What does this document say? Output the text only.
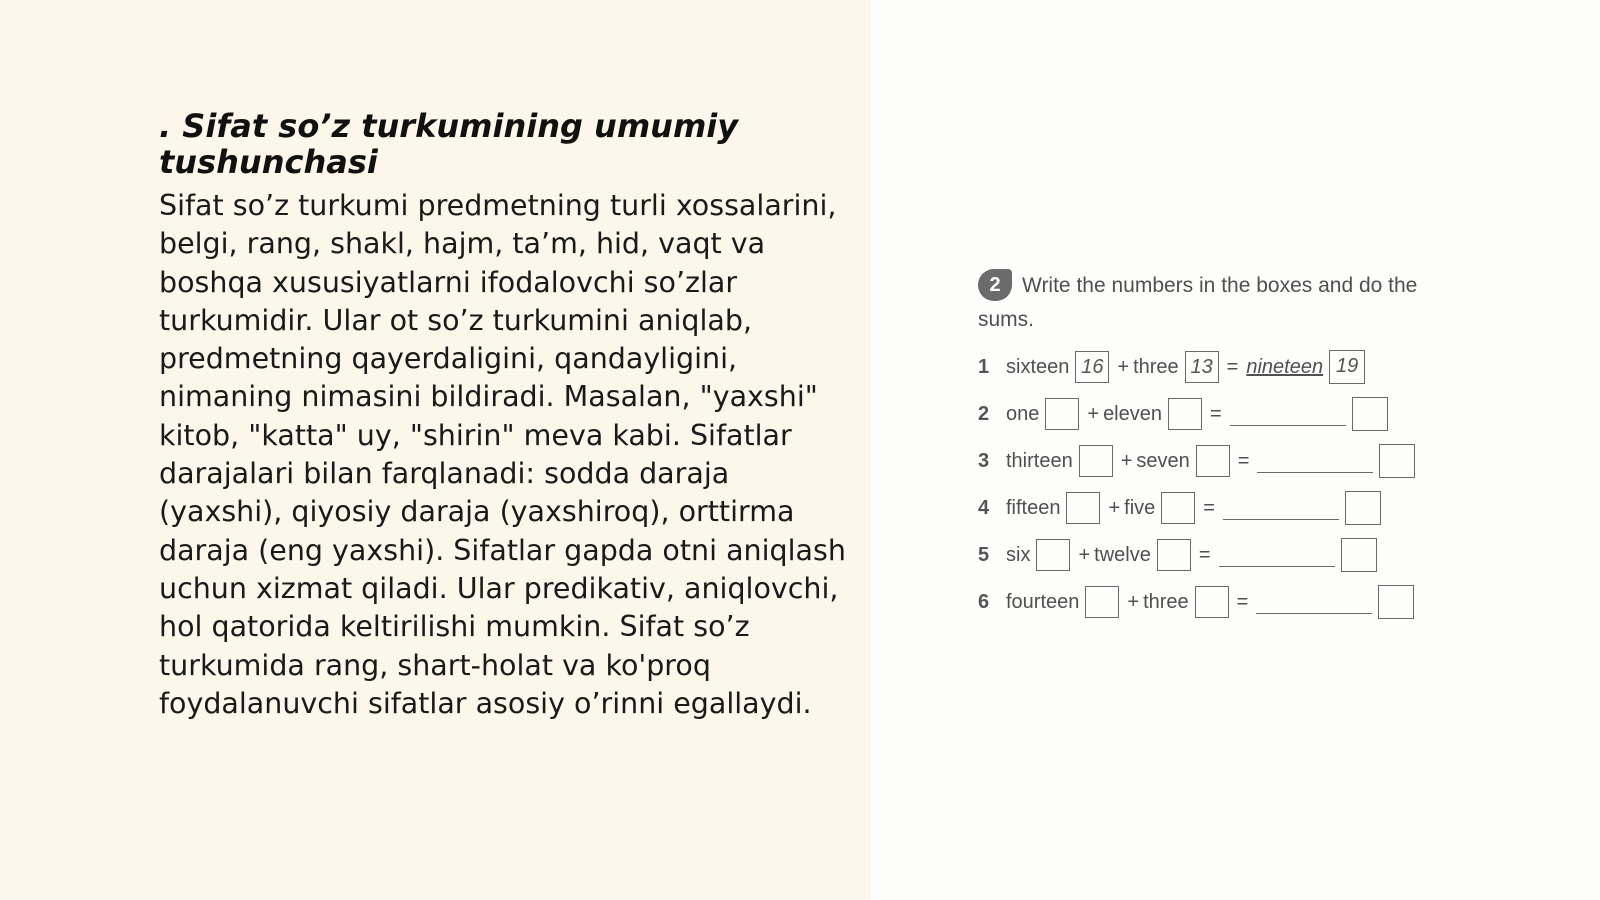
. Sifat so’z turkumining umumiy tushunchasi

Sifat so’z turkumi predmetning turli xossalarini, belgi, rang, shakl, hajm, ta’m, hid, vaqt va boshqa xususiyatlarni ifodalovchi so’zlar turkumidir. Ular ot so’z turkumini aniqlab, predmetning qayerdaligini, qandayligini, nimaning nimasini bildiradi. Masalan, "yaxshi" kitob, "katta" uy, "shirin" meva kabi. Sifatlar darajalari bilan farqlanadi: sodda daraja (yaxshi), qiyosiy daraja (yaxshiroq), orttirma daraja (eng yaxshi). Sifatlar gapda otni aniqlash uchun xizmat qiladi. Ular predikativ, aniqlovchi, hol qatorida keltirilishi mumkin. Sifat so’z turkumida rang, shart-holat va ko'proq foydalanuvchi sifatlar asosiy o’rinni egallaydi.

2 Write the numbers in the boxes and do the sums.
1 sixteen 16 + three 13 = nineteen 19
2 one + eleven =
3 thirteen + seven =
4 fifteen + five =
5 six + twelve =
6 fourteen + three =
